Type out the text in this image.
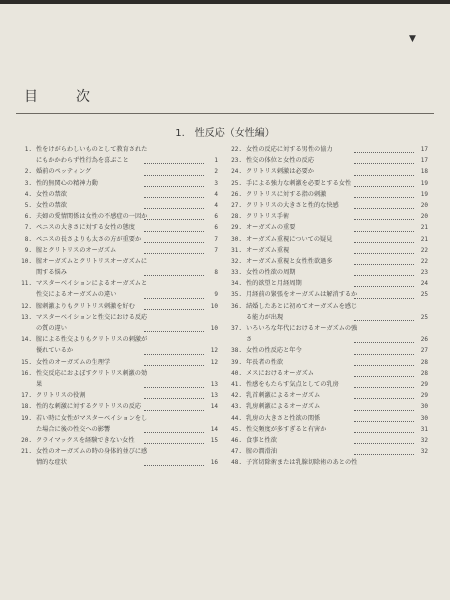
▼
目　次
1.　性反応（女性編）
1. 性をけがらわしいものとして教育された
にもかかわらず性行為を喜ぶこと	1
2. 婚前のペッティング	2
3. 性的無関心の精神力動	3
4. 女性の禁欲	4
5. 女性の禁欲	4
6. 夫婦の愛情関係は女性の不感症の一因か	6
7. ペニスの大きさに対する女性の態度	6
8. ペニスの長さよりも太さの方が重要か	7
9. 膣とクリトリスのオーガズム	7
10. 膣オーガズムとクリトリスオーガズムに
関する悩み	8
11. マスターベイションによるオーガズムと
性交によるオーガズムの違い	9
12. 膣刺激よりもクリトリス刺激を好む	10
13. マスターベイションと性交における反応
の質の違い	10
14. 膣による性交よりもクリトリスの刺激が
優れているか	12
15. 女性のオーガズムの生理学	12
16. 性交反応におよぼすクリトリス刺激の効
果	13
17. クリトリスの役割	13
18. 性的な刺激に対するクリトリスの反応	14
19. 若い時に女性がマスターベイションをし
た場合に後の性交への影響	14
20. クライマックスを経験できない女性	15
21. 女性のオーガズムの時の身体的並びに感
情的な症状	16
22. 女性の反応に対する男性の協力	17
23. 性交の体位と女性の反応	17
24. クリトリス刺激は必要か	18
25. 手による強力な刺激を必要とする女性	19
26. クリトリスに対する指の刺激	19
27. クリトリスの大きさと性的な快感	20
28. クリトリス手術	20
29. オーガズムの重要	21
30. オーガズム重視についての疑見	21
31. オーガズム重視	22
32. オーガズム重視と女性性欲過多	22
33. 女性の性欲の周期	23
34. 性的欲望と月経周期	24
35. 月経前の緊張をオーガズムは解消するか	25
36. 結婚したあとに初めてオーガズムを感じ
る能力が出現	25
37. いろいろな年代におけるオーガズムの強
さ	26
38. 女性の性反応と年令	27
39. 年長者の性欲	28
40. メスにおけるオーガズム	28
41. 性感をもたらす気点としての乳房	29
42. 乳首刺激によるオーガズム	29
43. 乳房刺激によるオーガズム	30
44. 乳房の大きさと性欲の関係	30
45. 性交頻度が多すぎると有害か	31
46. 食事と性欲	32
47. 膣の潤滑油	32
48. 子宮切除術または乳腺切除術のあとの性
